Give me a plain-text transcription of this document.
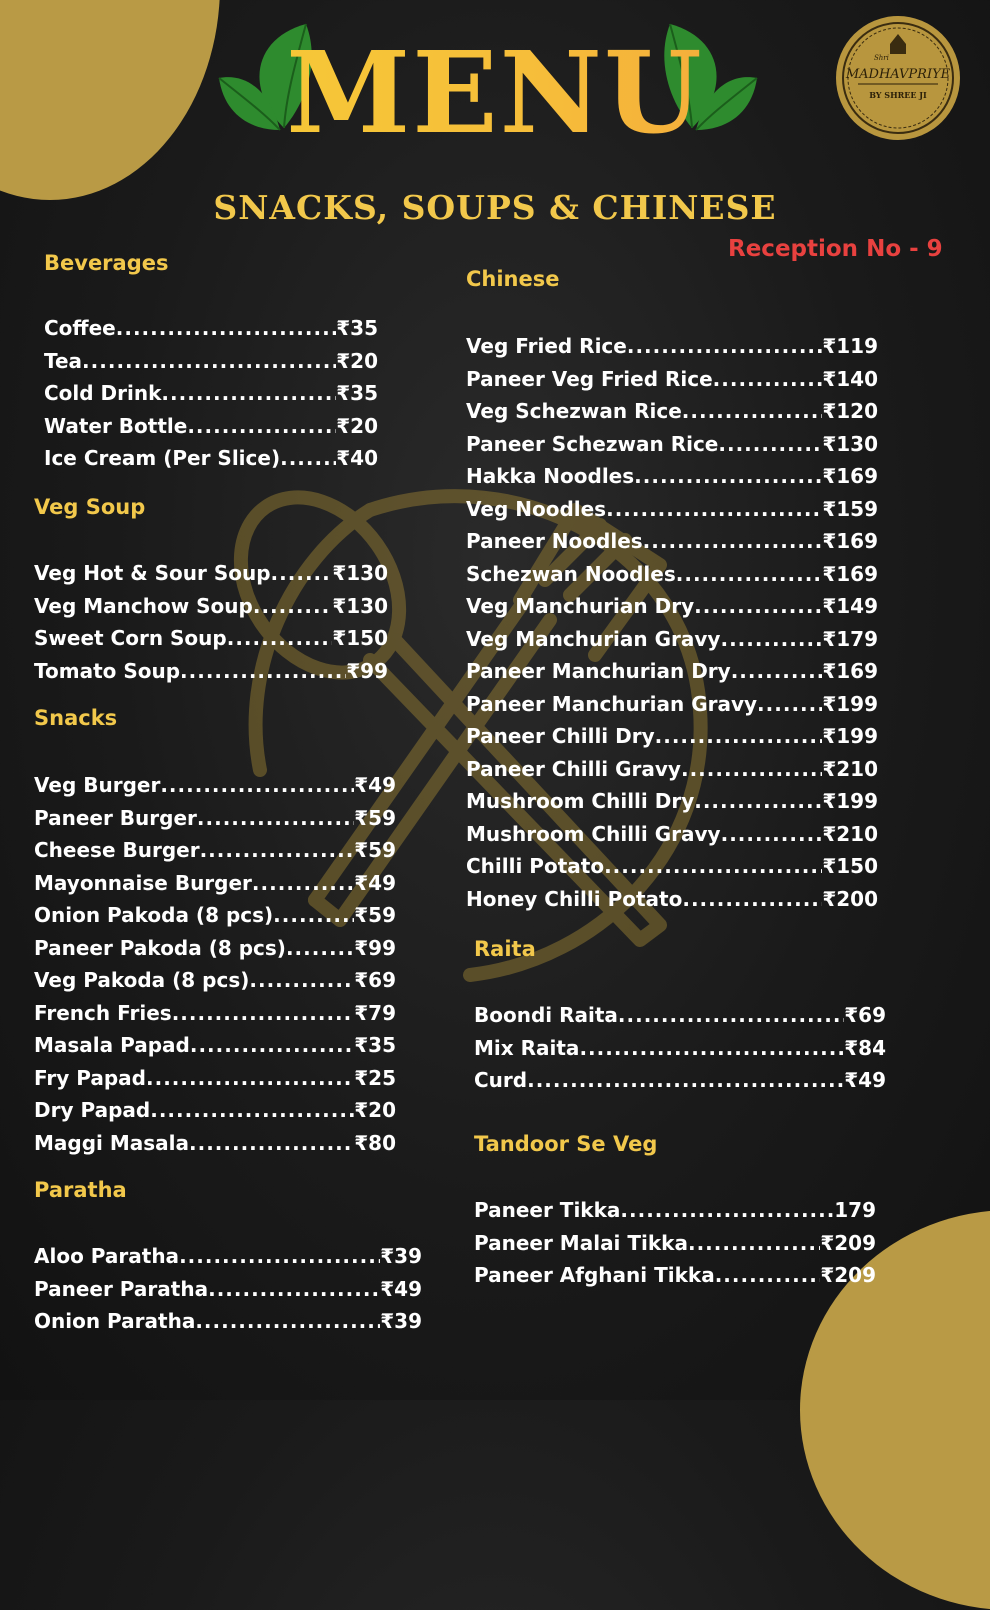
MENU	Shri
MADHAVPRIYE
BY SHREE JI
SNACKS, SOUPS & CHINESE
Reception No - 9
Beverages
Coffee .....	₹35
Tea .....	₹20
Cold Drink .....	₹35
Water Bottle .....	₹20
Ice Cream (Per Slice) .....	₹40
Veg Soup
Veg Hot & Sour Soup .....	₹130
Veg Manchow Soup .....	₹130
Sweet Corn Soup .....	₹150
Tomato Soup .....	₹99
Snacks
Veg Burger .....	₹49
Paneer Burger .....	₹59
Cheese Burger .....	₹59
Mayonnaise Burger .....	₹49
Onion Pakoda (8 pcs) .....	₹59
Paneer Pakoda (8 pcs) .....	₹99
Veg Pakoda (8 pcs) .....	₹69
French Fries .....	₹79
Masala Papad .....	₹35
Fry Papad .....	₹25
Dry Papad .....	₹20
Maggi Masala .....	₹80
Paratha
Aloo Paratha .....	₹39
Paneer Paratha .....	₹49
Onion Paratha .....	₹39
Chinese
Veg Fried Rice .....	₹119
Paneer Veg Fried Rice .....	₹140
Veg Schezwan Rice .....	₹120
Paneer Schezwan Rice .....	₹130
Hakka Noodles .....	₹169
Veg Noodles .....	₹159
Paneer Noodles .....	₹169
Schezwan Noodles .....	₹169
Veg Manchurian Dry .....	₹149
Veg Manchurian Gravy .....	₹179
Paneer Manchurian Dry .....	₹169
Paneer Manchurian Gravy .....	₹199
Paneer Chilli Dry .....	₹199
Paneer Chilli Gravy .....	₹210
Mushroom Chilli Dry .....	₹199
Mushroom Chilli Gravy .....	₹210
Chilli Potato .....	₹150
Honey Chilli Potato .....	₹200
Raita
Boondi Raita .....	₹69
Mix Raita .....	₹84
Curd .....	₹49
Tandoor Se Veg
Paneer Tikka .....	179
Paneer Malai Tikka .....	₹209
Paneer Afghani Tikka .....	₹209
